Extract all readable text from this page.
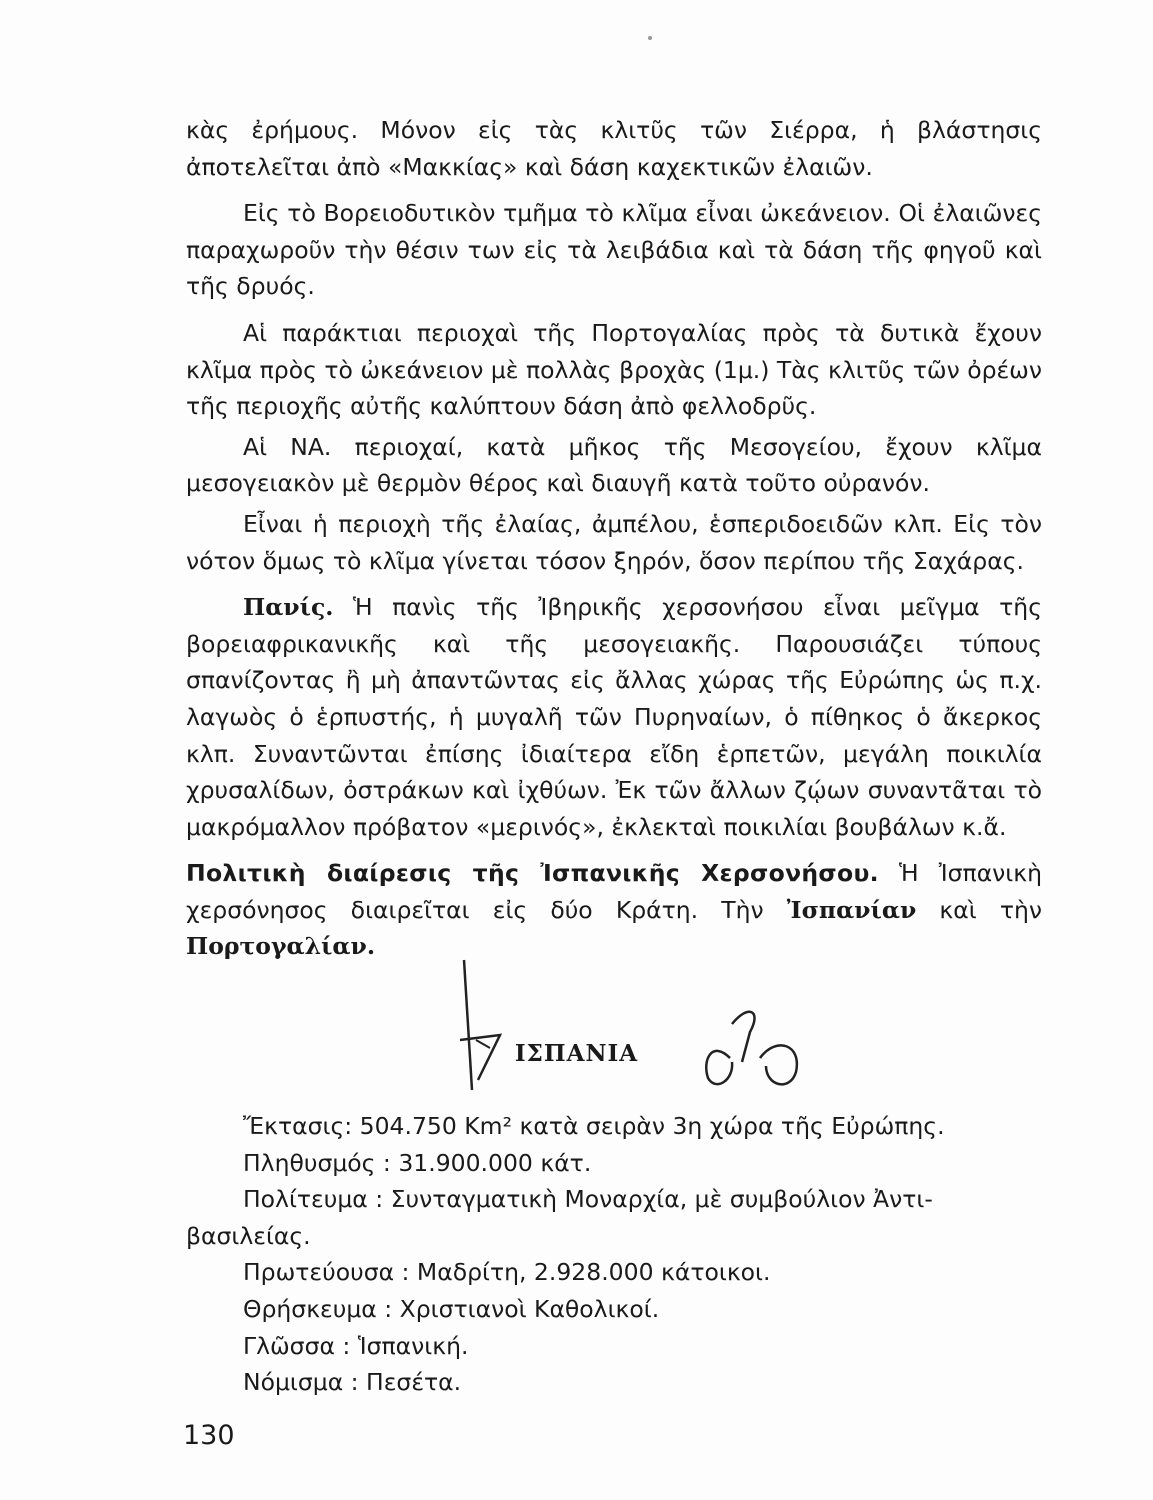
κὰς ἐρήμους. Μόνον εἰς τὰς κλιτῦς τῶν Σιέρρα, ἡ βλάστησις ἀποτελεῖται ἀπὸ «Μακκίας» καὶ δάση καχεκτικῶν ἐλαιῶν.

Εἰς τὸ Βορειοδυτικὸν τμῆμα τὸ κλῖμα εἶναι ὠκεάνειον. Οἱ ἐλαιῶνες παραχωροῦν τὴν θέσιν των εἰς τὰ λειβάδια καὶ τὰ δάση τῆς φηγοῦ καὶ τῆς δρυός.

Αἱ παράκτιαι περιοχαὶ τῆς Πορτογαλίας πρὸς τὰ δυτικὰ ἔχουν κλῖμα πρὸς τὸ ὠκεάνειον μὲ πολλὰς βροχὰς (1μ.) Τὰς κλιτῦς τῶν ὀρέων τῆς περιοχῆς αὐτῆς καλύπτουν δάση ἀπὸ φελλοδρῦς.

Αἱ ΝΑ. περιοχαί, κατὰ μῆκος τῆς Μεσογείου, ἔχουν κλῖμα μεσογειακὸν μὲ θερμὸν θέρος καὶ διαυγῆ κατὰ τοῦτο οὐρανόν.

Εἶναι ἡ περιοχὴ τῆς ἐλαίας, ἀμπέλου, ἑσπεριδοειδῶν κλπ. Εἰς τὸν νότον ὅμως τὸ κλῖμα γίνεται τόσον ξηρόν, ὅσον περίπου τῆς Σαχάρας.

Πανίς. Ἡ πανὶς τῆς Ἰβηρικῆς χερσονήσου εἶναι μεῖγμα τῆς βορειαφρικανικῆς καὶ τῆς μεσογειακῆς. Παρουσιάζει τύπους σπανίζοντας ἢ μὴ ἀπαντῶντας εἰς ἄλλας χώρας τῆς Εὐρώπης ὡς π.χ. λαγωὸς ὁ ἑρπυστής, ἡ μυγαλῆ τῶν Πυρηναίων, ὁ πίθηκος ὁ ἄκερκος κλπ. Συναντῶνται ἐπίσης ἰδιαίτερα εἴδη ἑρπετῶν, μεγάλη ποικιλία χρυσαλίδων, ὀστράκων καὶ ἰχθύων. Ἐκ τῶν ἄλλων ζῴων συναντᾶται τὸ μακρόμαλλον πρόβατον «μερινός», ἐκλεκταὶ ποικιλίαι βουβάλων κ.ἄ.

Πολιτικὴ διαίρεσις τῆς Ἰσπανικῆς Χερσονήσου. Ἡ Ἰσπανικὴ χερσόνησος διαιρεῖται εἰς δύο Κράτη. Τὴν Ἰσπανίαν καὶ τὴν Πορτογαλίαν.

ΙΣΠΑΝΙΑ

Ἔκτασις: 504.750 Km² κατὰ σειρὰν 3η χώρα τῆς Εὐρώπης.

Πληθυσμός : 31.900.000 κάτ.

Πολίτευμα : Συνταγματικὴ Μοναρχία, μὲ συμβούλιον Ἀντι-

βασιλείας.

Πρωτεύουσα : Μαδρίτη, 2.928.000 κάτοικοι.

Θρήσκευμα : Χριστιανοὶ Καθολικοί.

Γλῶσσα : Ἱσπανική.

Νόμισμα : Πεσέτα.

130
